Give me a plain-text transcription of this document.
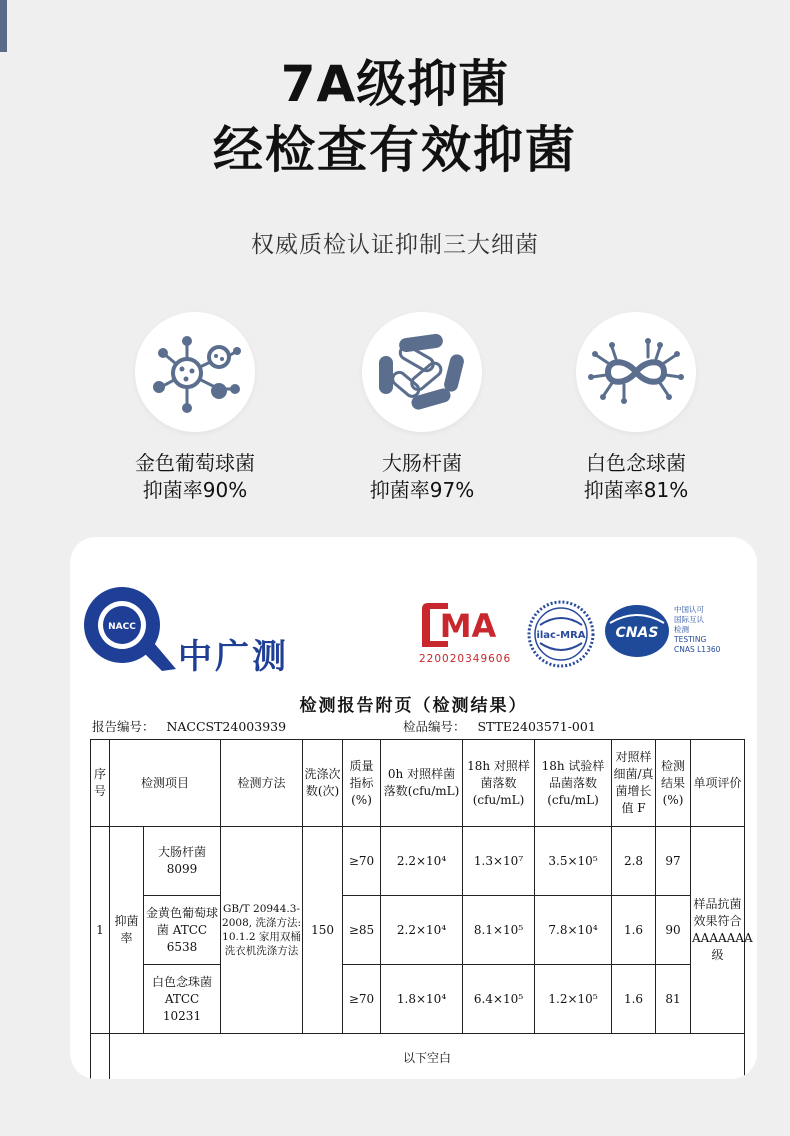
7A级抑菌
经检查有效抑菌
权威质检认证抑制三大细菌
金色葡萄球菌
抑菌率90%
大肠杆菌
抑菌率97%
白色念球菌
抑菌率81%
NACC
中广测
MA
220020349606
ilac-MRA CNAS
中国认可
国际互认
检测
TESTING
CNAS L1360
检测报告附页（检测结果）
报告编号： NACCST24003939	检品编号： STTE2403571-001
序号	检测项目		检测方法	洗涤次数(次)	质量指标(%)	0h 对照样菌落数(cfu/mL)	18h 对照样菌落数(cfu/mL)	18h 试验样品菌落数(cfu/mL)	对照样细菌/真菌增长值 F	检测结果(%)	单项评价
1	抑菌率	大肠杆菌 8099	GB/T 20944.3-2008, 洗涤方法: 10.1.2 家用双桶洗衣机洗涤方法	150	≥70	2.2×10⁴	1.3×10⁷	3.5×10⁵	2.8	97	样品抗菌效果符合AAAAAAA级
		金黄色葡萄球菌 ATCC 6538			≥85	2.2×10⁴	8.1×10⁵	7.8×10⁴	1.6	90	
		白色念珠菌 ATCC 10231			≥70	1.8×10⁴	6.4×10⁵	1.2×10⁵	1.6	81	
	以下空白										
